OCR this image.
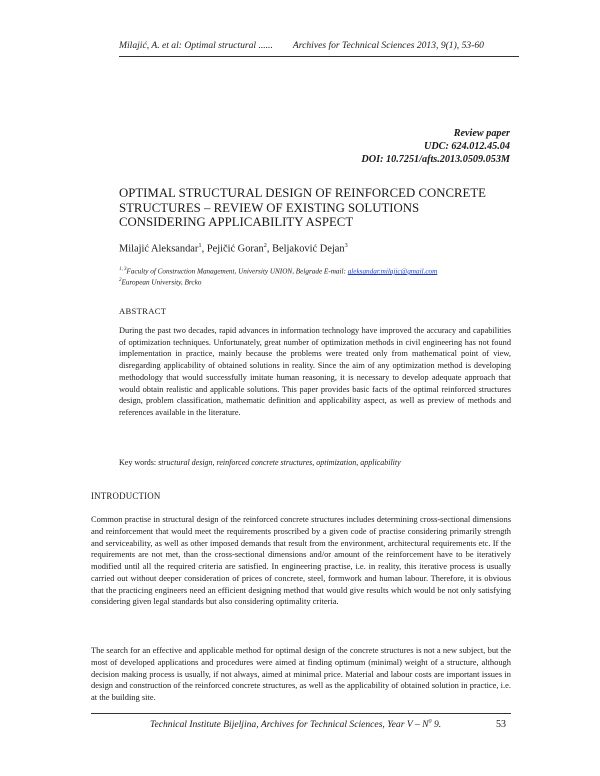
Milajić, A. et al: Optimal structural ...... Archives for Technical Sciences 2013, 9(1), 53-60
Review paper
UDC: 624.012.45.04
DOI: 10.7251/afts.2013.0509.053M
OPTIMAL STRUCTURAL DESIGN OF REINFORCED CONCRETE
STRUCTURES – REVIEW OF EXISTING SOLUTIONS
CONSIDERING APPLICABILITY ASPECT
Milajić Aleksandar$^1$, Pejičić Goran$^2$, Beljaković Dejan$^3$
$^{1, 3}$Faculty of Construction Management, University UNION, Belgrade E-mail: aleksandar.milajic@gmail.com
$^2$European University, Brcko
ABSTRACT
During the past two decades, rapid advances in information technology have improved the accuracy and capabilities of optimization techniques. Unfortunately, great number of optimization methods in civil engineering has not found implementation in practice, mainly because the problems were treated only from mathematical point of view, disregarding applicability of obtained solutions in reality. Since the aim of any optimization method is developing methodology that would successfully imitate human reasoning, it is necessary to develop adequate approach that would obtain realistic and applicable solutions. This paper provides basic facts of the optimal reinforced structures design, problem classification, mathematic definition and applicability aspect, as well as preview of methods and references available in the literature.
Key words: structural design, reinforced concrete structures, optimization, applicability
INTRODUCTION
Common practise in structural design of the reinforced concrete structures includes determining cross-sectional dimensions and reinforcement that would meet the requirements proscribed by a given code of practise considering primarily strength and serviceability, as well as other imposed demands that result from the environment, architectural requirements etc. If the requirements are not met, than the cross-sectional dimensions and/or amount of the reinforcement have to be iteratively modified until all the required criteria are satisfied. In engineering practise, i.e. in reality, this iterative process is usually carried out without deeper consideration of prices of concrete, steel, formwork and human labour. Therefore, it is obvious that the practicing engineers need an efficient designing method that would give results which would be not only satisfying considering given legal standards but also considering optimality criteria.
The search for an effective and applicable method for optimal design of the concrete structures is not a new subject, but the most of developed applications and procedures were aimed at finding optimum (minimal) weight of a structure, although decision making process is usually, if not always, aimed at minimal price. Material and labour costs are important issues in design and construction of the reinforced concrete structures, as well as the applicability of obtained solution in practice, i.e. at the building site.
Technical Institute Bijeljina, Archives for Technical Sciences, Year V – $N^0$ 9.	53
